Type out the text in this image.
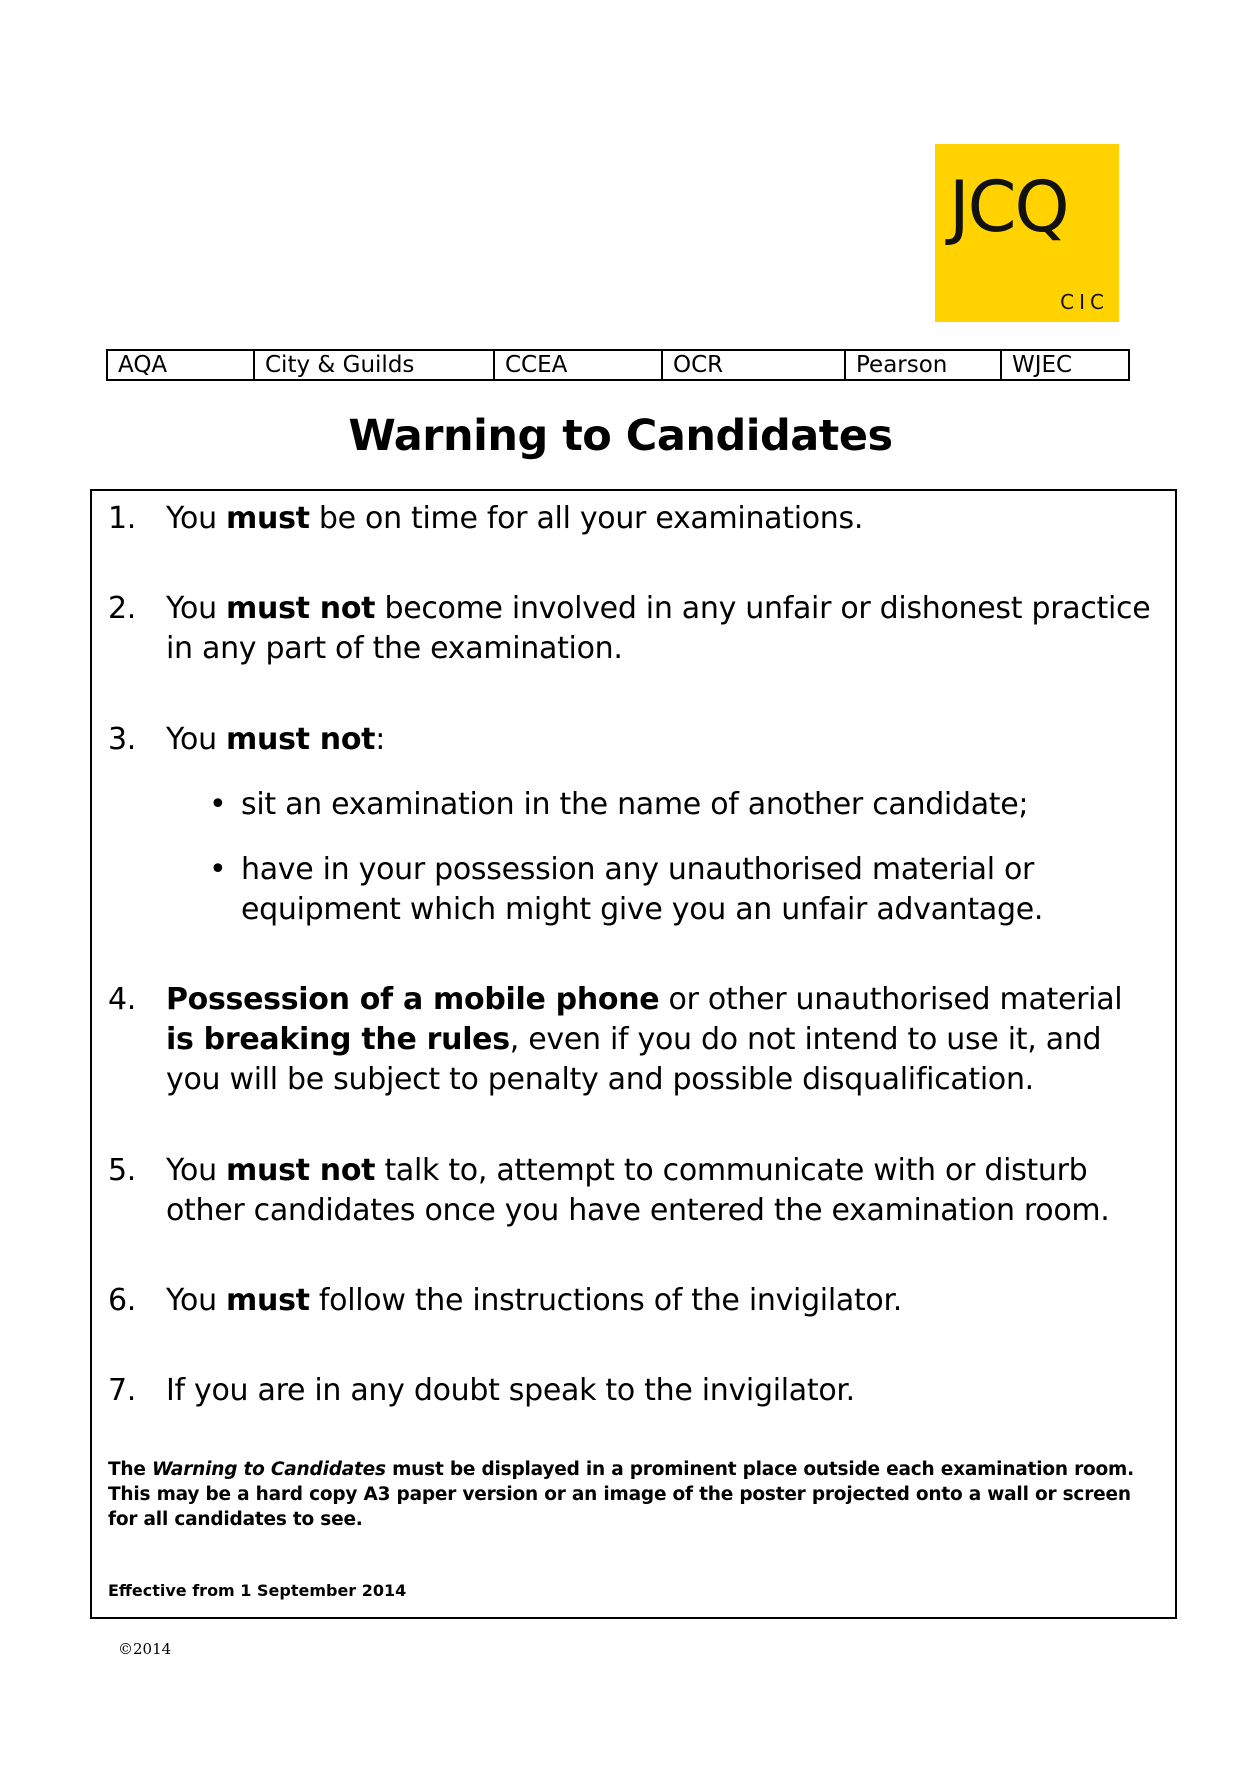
JCQ
CIC
AQA	City & Guilds	CCEA	OCR	Pearson	WJEC
Warning to Candidates
1. You must be on time for all your examinations.
2. You must not become involved in any unfair or dishonest practice in any part of the examination.
3. You must not:
• sit an examination in the name of another candidate;
• have in your possession any unauthorised material or equipment which might give you an unfair advantage.
4. Possession of a mobile phone or other unauthorised material is breaking the rules, even if you do not intend to use it, and you will be subject to penalty and possible disqualification.
5. You must not talk to, attempt to communicate with or disturb other candidates once you have entered the examination room.
6. You must follow the instructions of the invigilator.
7. If you are in any doubt speak to the invigilator.
The Warning to Candidates must be displayed in a prominent place outside each examination room. This may be a hard copy A3 paper version or an image of the poster projected onto a wall or screen for all candidates to see.
Effective from 1 September 2014
©2014
